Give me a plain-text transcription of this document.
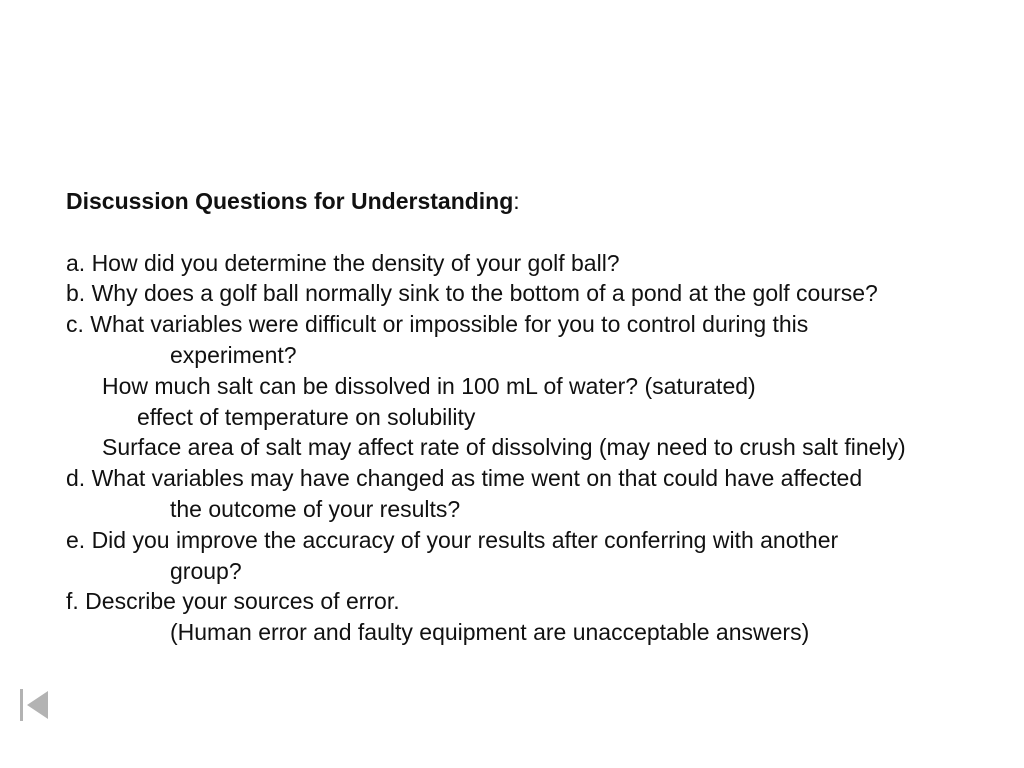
Discussion Questions for Understanding:
a. How did you determine the density of your golf ball?
b. Why does a golf ball normally sink to the bottom of a pond at the golf course?
c. What variables were difficult or impossible for you to control during this
experiment?
How much salt can be dissolved in 100 mL of water? (saturated)
effect of temperature on solubility
Surface area of salt may affect rate of dissolving (may need to crush salt finely)
d. What variables may have changed as time went on that could have affected
the outcome of your results?
e. Did you improve the accuracy of your results after conferring with another
group?
f. Describe your sources of error.
(Human error and faulty equipment are unacceptable answers)
